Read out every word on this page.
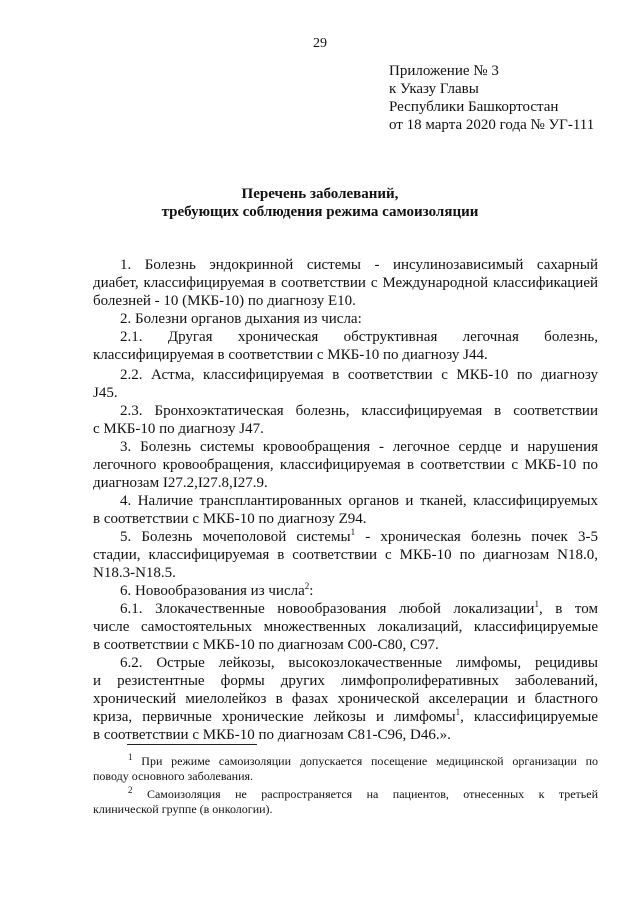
29
Приложение № 3
к Указу Главы
Республики Башкортостан
от 18 марта 2020 года № УГ-111
Перечень заболеваний,
требующих соблюдения режима самоизоляции
1. Болезнь эндокринной системы - инсулинозависимый сахарный
диабет, классифицируемая в соответствии с Международной классификацией
болезней - 10 (МКБ-10) по диагнозу Е10.
2. Болезни органов дыхания из числа:
2.1. Другая хроническая обструктивная легочная болезнь,
классифицируемая в соответствии с МКБ-10 по диагнозу J44.
2.2. Астма, классифицируемая в соответствии с МКБ-10 по диагнозу
J45.
2.3. Бронхоэктатическая болезнь, классифицируемая в соответствии
с МКБ-10 по диагнозу J47.
3. Болезнь системы кровообращения - легочное сердце и нарушения
легочного кровообращения, классифицируемая в соответствии с МКБ-10 по
диагнозам I27.2,I27.8,I27.9.
4. Наличие трансплантированных органов и тканей, классифицируемых
в соответствии с МКБ-10 по диагнозу Z94.
5. Болезнь мочеполовой системы$^1$ - хроническая болезнь почек 3-5
стадии, классифицируемая в соответствии с МКБ-10 по диагнозам N18.0,
N18.3-N18.5.
6. Новообразования из числа$^2$:
6.1. Злокачественные новообразования любой локализации$^1$, в том
числе самостоятельных множественных локализаций, классифицируемые
в соответствии с МКБ-10 по диагнозам C00-C80, C97.
6.2. Острые лейкозы, высокозлокачественные лимфомы, рецидивы
и резистентные формы других лимфопролиферативных заболеваний,
хронический миелолейкоз в фазах хронической акселерации и бластного
криза, первичные хронические лейкозы и лимфомы$^1$, классифицируемые
в соответствии с МКБ-10 по диагнозам C81-C96, D46.».
$^1$ При режиме самоизоляции допускается посещение медицинской организации по
поводу основного заболевания.
$^2$ Самоизоляция не распространяется на пациентов, отнесенных к третьей
клинической группе (в онкологии).
